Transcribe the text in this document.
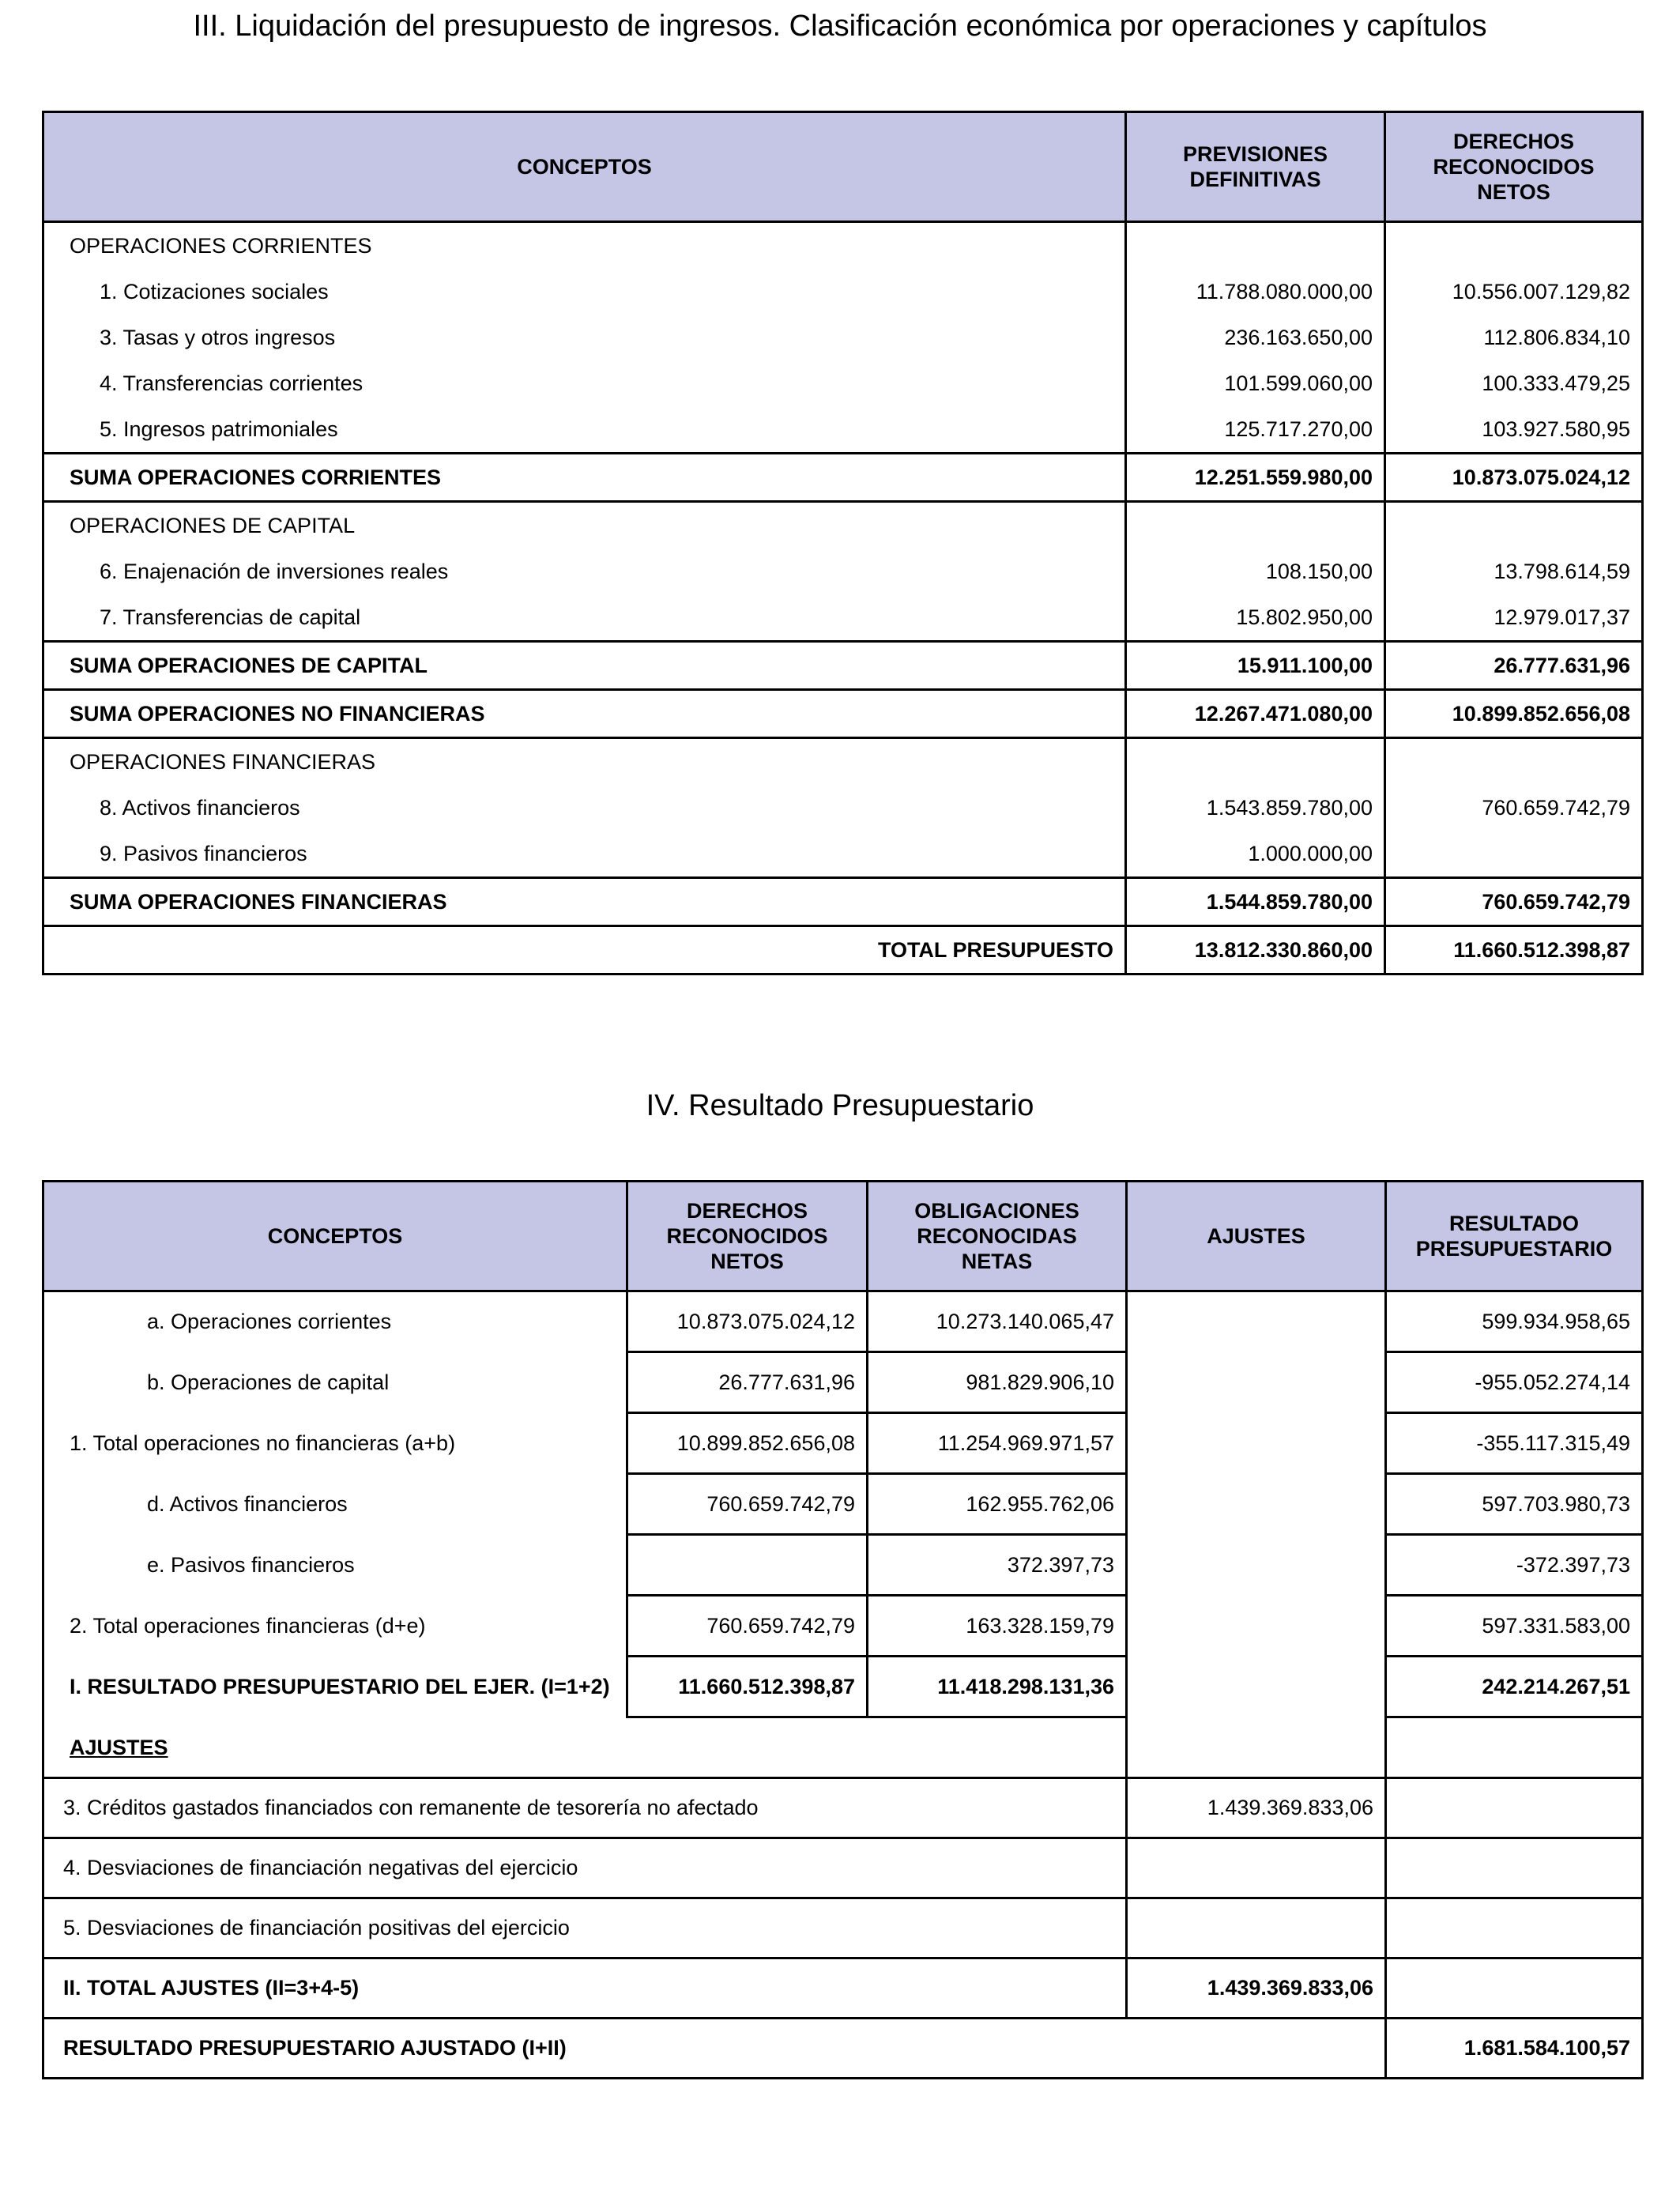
III. Liquidación del presupuesto de ingresos. Clasificación económica por operaciones y capítulos
CONCEPTOS	PREVISIONES DEFINITIVAS	DERECHOS RECONOCIDOS NETOS
OPERACIONES CORRIENTES		
1. Cotizaciones sociales	11.788.080.000,00	10.556.007.129,82
3. Tasas y otros ingresos	236.163.650,00	112.806.834,10
4. Transferencias corrientes	101.599.060,00	100.333.479,25
5. Ingresos patrimoniales	125.717.270,00	103.927.580,95
SUMA OPERACIONES CORRIENTES	12.251.559.980,00	10.873.075.024,12
OPERACIONES DE CAPITAL		
6. Enajenación de inversiones reales	108.150,00	13.798.614,59
7. Transferencias de capital	15.802.950,00	12.979.017,37
SUMA OPERACIONES DE CAPITAL	15.911.100,00	26.777.631,96
SUMA OPERACIONES NO FINANCIERAS	12.267.471.080,00	10.899.852.656,08
OPERACIONES FINANCIERAS		
8. Activos financieros	1.543.859.780,00	760.659.742,79
9. Pasivos financieros	1.000.000,00	
SUMA OPERACIONES FINANCIERAS	1.544.859.780,00	760.659.742,79
TOTAL PRESUPUESTO	13.812.330.860,00	11.660.512.398,87
IV. Resultado Presupuestario
CONCEPTOS	DERECHOS RECONOCIDOS NETOS	OBLIGACIONES RECONOCIDAS NETAS	AJUSTES	RESULTADO PRESUPUESTARIO
a. Operaciones corrientes	10.873.075.024,12	10.273.140.065,47		599.934.958,65
b. Operaciones de capital	26.777.631,96	981.829.906,10		-955.052.274,14
1. Total operaciones no financieras (a+b)	10.899.852.656,08	11.254.969.971,57		-355.117.315,49
d. Activos financieros	760.659.742,79	162.955.762,06		597.703.980,73
e. Pasivos financieros		372.397,73		-372.397,73
2. Total operaciones financieras (d+e)	760.659.742,79	163.328.159,79		597.331.583,00
I. RESULTADO PRESUPUESTARIO DEL EJER. (I=1+2)	11.660.512.398,87	11.418.298.131,36		242.214.267,51
AJUSTES				
3. Créditos gastados financiados con remanente de tesorería no afectado			1.439.369.833,06	
4. Desviaciones de financiación negativas del ejercicio				
5. Desviaciones de financiación positivas del ejercicio				
II. TOTAL AJUSTES (II=3+4-5)			1.439.369.833,06	
RESULTADO PRESUPUESTARIO AJUSTADO (I+II)				1.681.584.100,57
